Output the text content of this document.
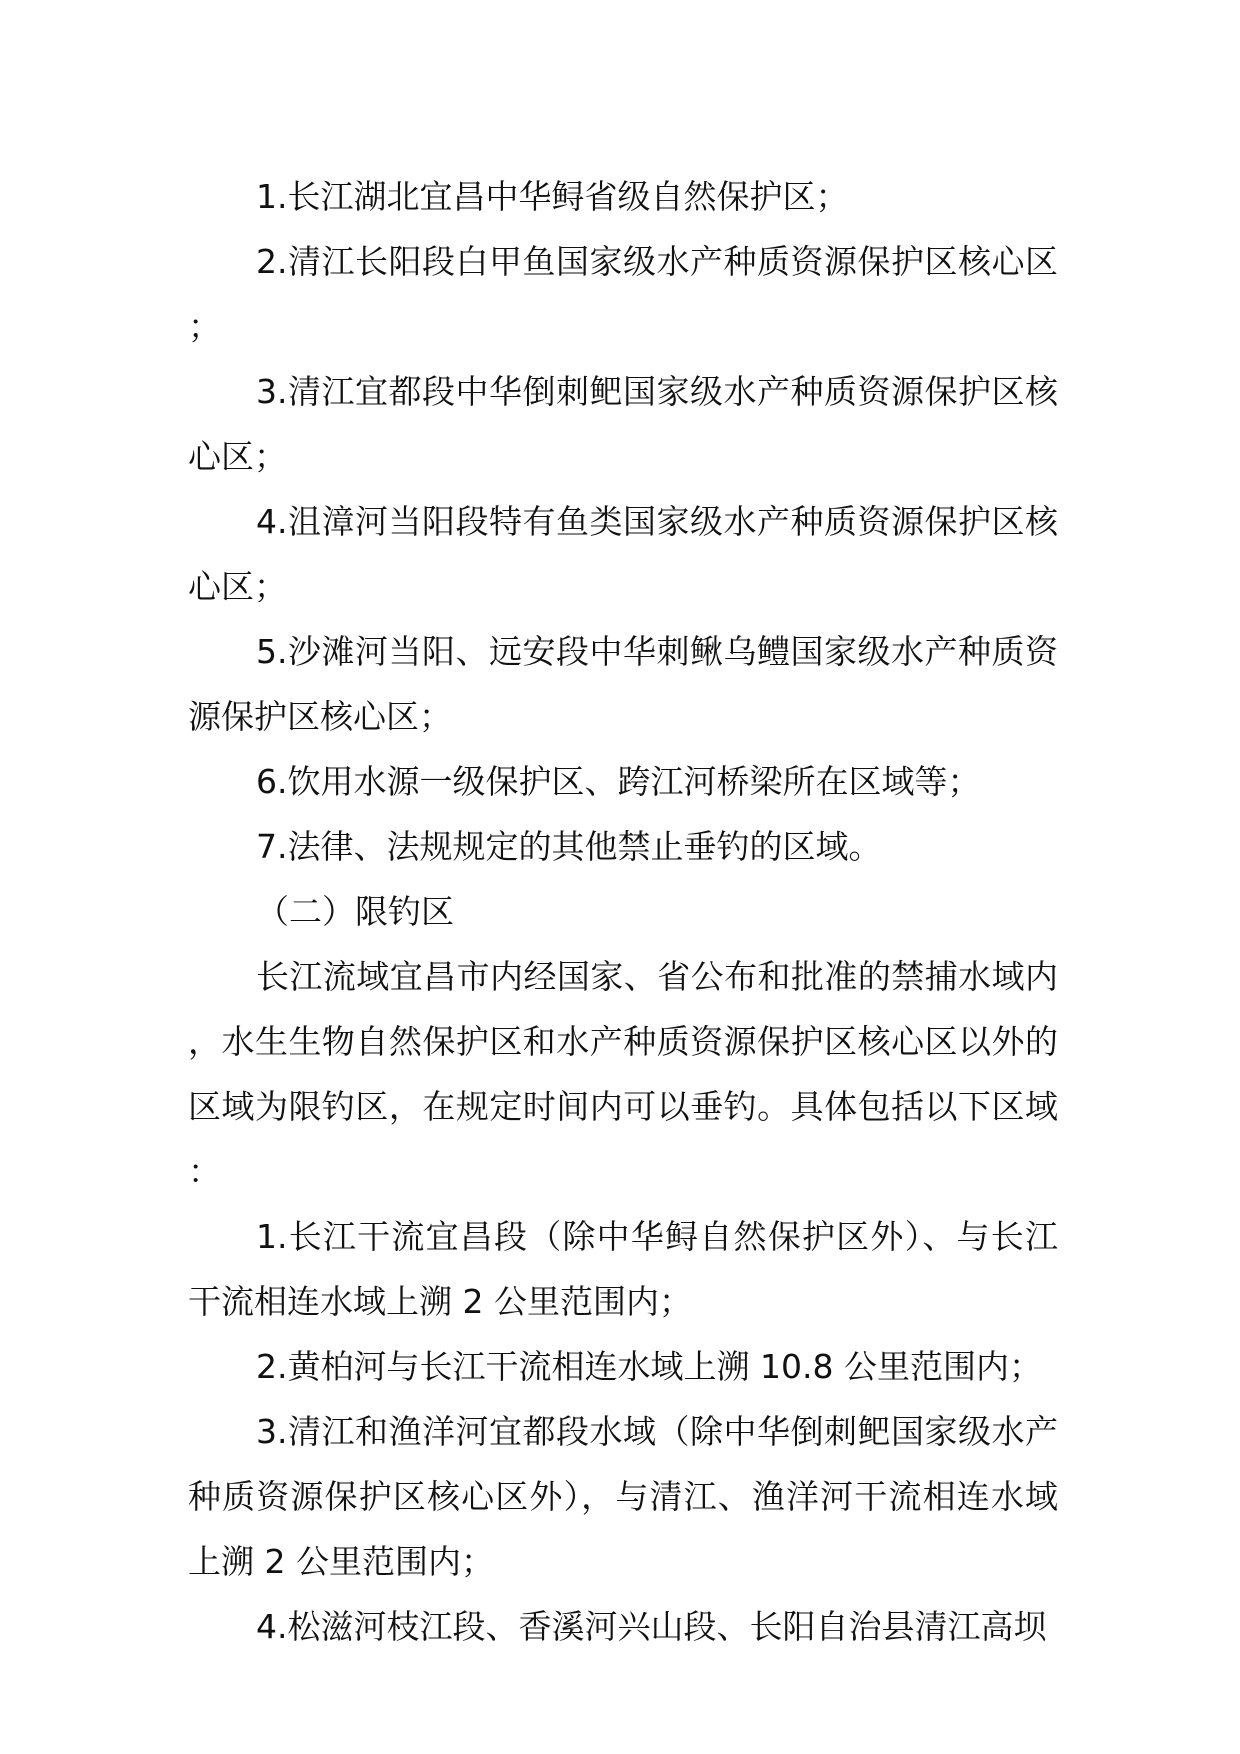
1.长江湖北宜昌中华鲟省级自然保护区；

2.清江长阳段白甲鱼国家级水产种质资源保护区核心区；

3.清江宜都段中华倒刺鲃国家级水产种质资源保护区核心区；

4.沮漳河当阳段特有鱼类国家级水产种质资源保护区核心区；

5.沙滩河当阳、远安段中华刺鳅乌鳢国家级水产种质资源保护区核心区；

6.饮用水源一级保护区、跨江河桥梁所在区域等；

7.法律、法规规定的其他禁止垂钓的区域。

（二）限钓区

长江流域宜昌市内经国家、省公布和批准的禁捕水域内，水生生物自然保护区和水产种质资源保护区核心区以外的区域为限钓区，在规定时间内可以垂钓。具体包括以下区域：

1.长江干流宜昌段（除中华鲟自然保护区外）、与长江干流相连水域上溯 2 公里范围内；

2.黄柏河与长江干流相连水域上溯 10.8 公里范围内；

3.清江和渔洋河宜都段水域（除中华倒刺鲃国家级水产种质资源保护区核心区外），与清江、渔洋河干流相连水域上溯 2 公里范围内；

4.松滋河枝江段、香溪河兴山段、长阳自治县清江高坝
